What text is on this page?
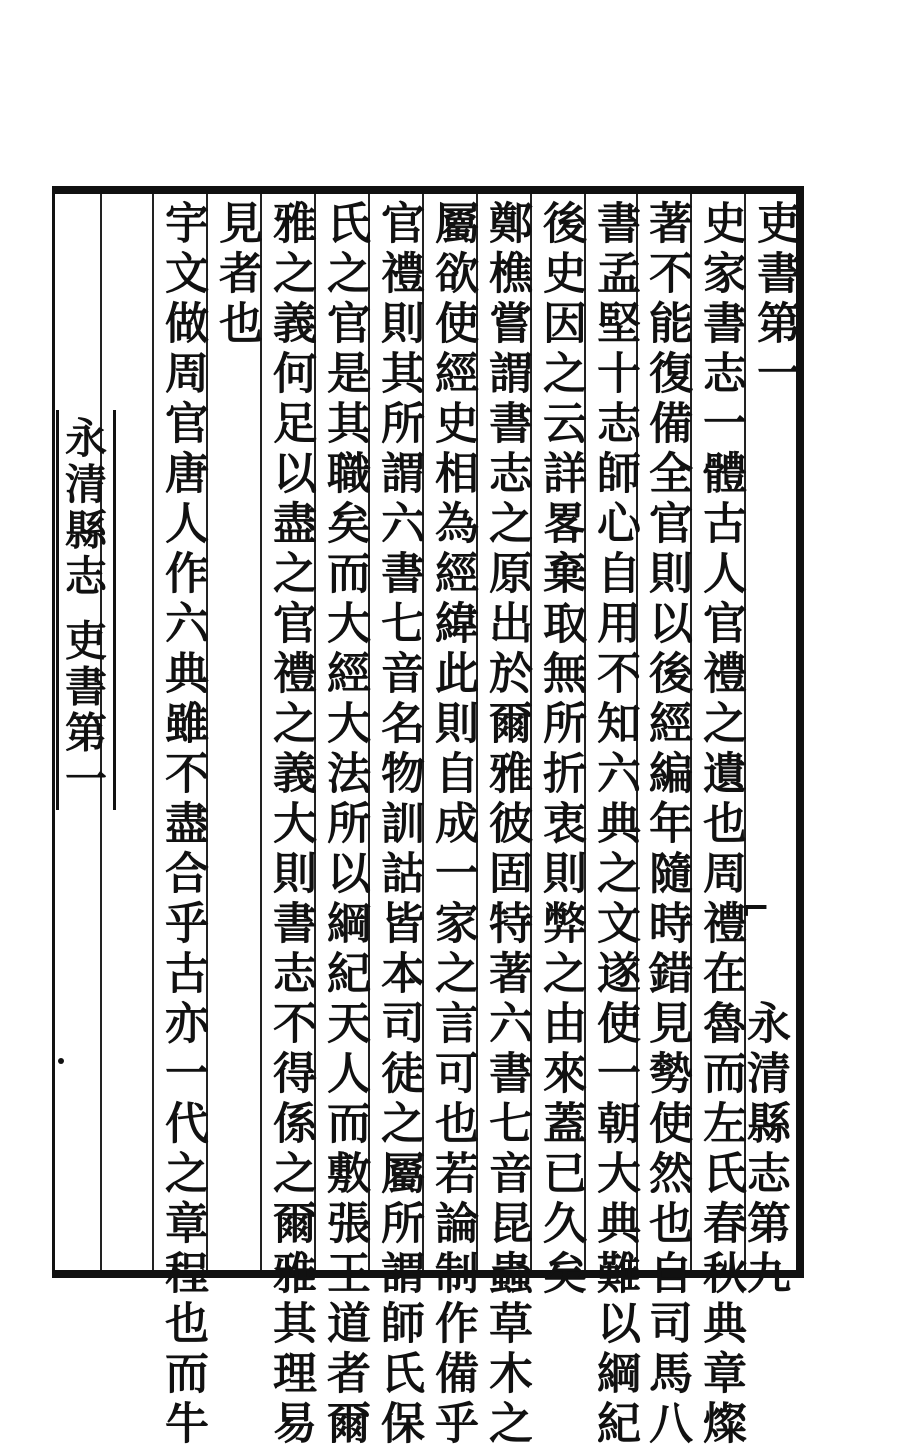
吏書第一
史家書志一體古人官禮之遺也周禮在魯而左氏春秋典章燦
著不能復備全官則以後經編年隨時錯見勢使然也自司馬八
書孟堅十志師心自用不知六典之文遂使一朝大典難以綱紀
後史因之云詳畧棄取無所折衷則弊之由來蓋已久矣
鄭樵嘗謂書志之原出於爾雅彼固特著六書七音昆蟲草木之
屬欲使經史相為經緯此則自成一家之言可也若論制作備乎
官禮則其所謂六書七音名物訓詁皆本司徒之屬所謂師氏保
氏之官是其職矣而大經大法所以綱紀天人而敷張王道者爾
雅之義何足以盡之官禮之義大則書志不得係之爾雅其理易
見者也
宇文做周官唐人作六典雖不盡合乎古亦一代之章程也而牛	永清縣志第九
⌐
永清縣志 吏書第一
